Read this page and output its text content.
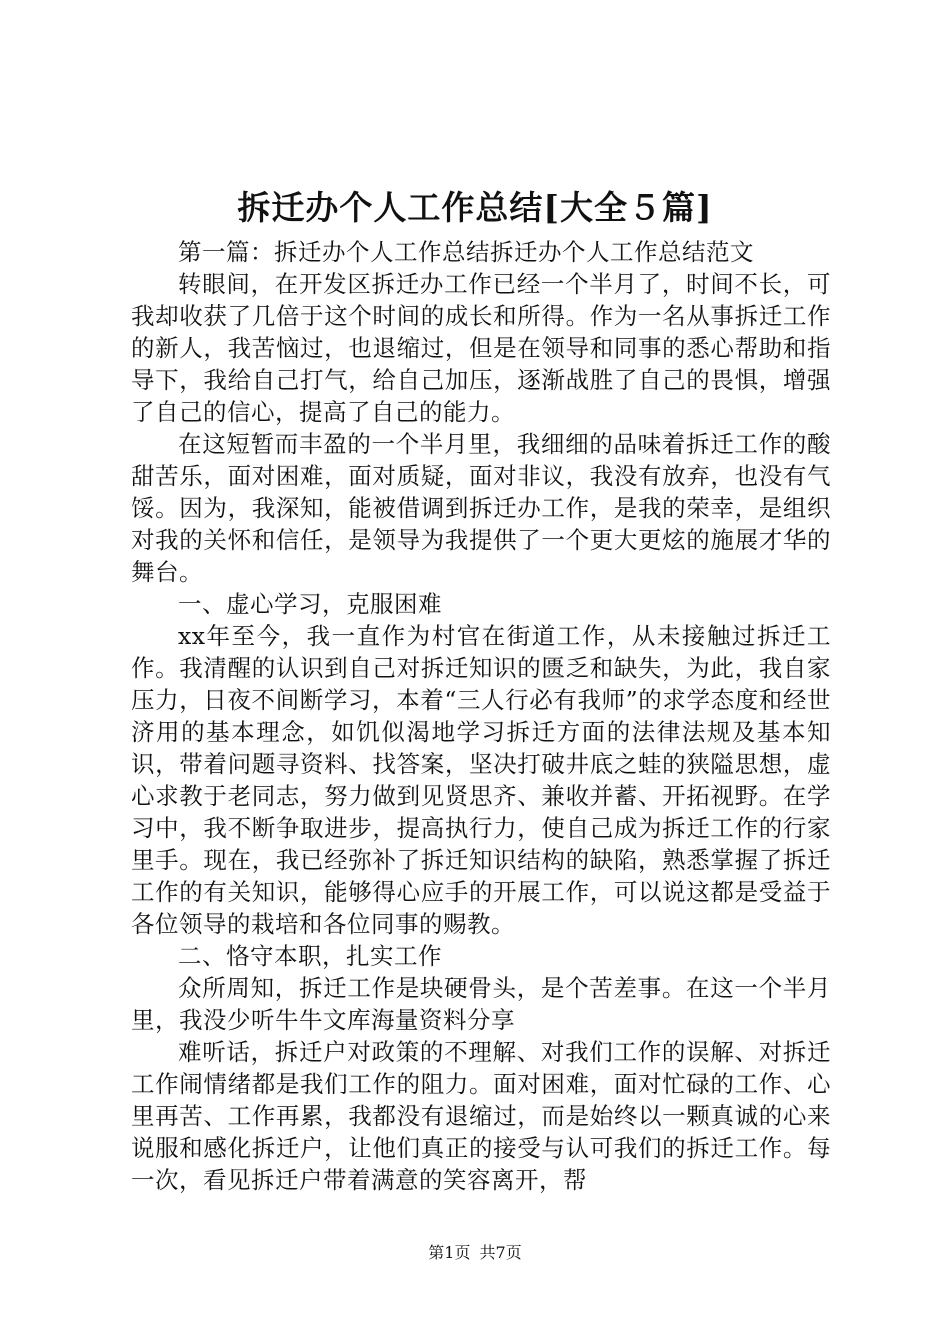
拆迁办个人工作总结[大全５篇]

第一篇：拆迁办个人工作总结拆迁办个人工作总结范文

转眼间，在开发区拆迁办工作已经一个半月了，时间不长，可我却收获了几倍于这个时间的成长和所得。作为一名从事拆迁工作的新人，我苦恼过，也退缩过，但是在领导和同事的悉心帮助和指导下，我给自己打气，给自己加压，逐渐战胜了自己的畏惧，增强了自己的信心，提高了自己的能力。

在这短暂而丰盈的一个半月里，我细细的品味着拆迁工作的酸甜苦乐，面对困难，面对质疑，面对非议，我没有放弃，也没有气馁。因为，我深知，能被借调到拆迁办工作，是我的荣幸，是组织对我的关怀和信任，是领导为我提供了一个更大更炫的施展才华的舞台。

一、虚心学习，克服困难

xx年至今，我一直作为村官在街道工作，从未接触过拆迁工作。我清醒的认识到自己对拆迁知识的匮乏和缺失，为此，我自家压力，日夜不间断学习，本着“三人行必有我师”的求学态度和经世济用的基本理念，如饥似渴地学习拆迁方面的法律法规及基本知识，带着问题寻资料、找答案，坚决打破井底之蛙的狭隘思想，虚心求教于老同志，努力做到见贤思齐、兼收并蓄、开拓视野。在学习中，我不断争取进步，提高执行力，使自己成为拆迁工作的行家里手。现在，我已经弥补了拆迁知识结构的缺陷，熟悉掌握了拆迁工作的有关知识，能够得心应手的开展工作，可以说这都是受益于各位领导的栽培和各位同事的赐教。

二、恪守本职，扎实工作

众所周知，拆迁工作是块硬骨头，是个苦差事。在这一个半月里，我没少听牛牛文库海量资料分享

难听话，拆迁户对政策的不理解、对我们工作的误解、对拆迁工作闹情绪都是我们工作的阻力。面对困难，面对忙碌的工作、心里再苦、工作再累，我都没有退缩过，而是始终以一颗真诚的心来说服和感化拆迁户，让他们真正的接受与认可我们的拆迁工作。每一次，看见拆迁户带着满意的笑容离开，帮

第1页 共7页
